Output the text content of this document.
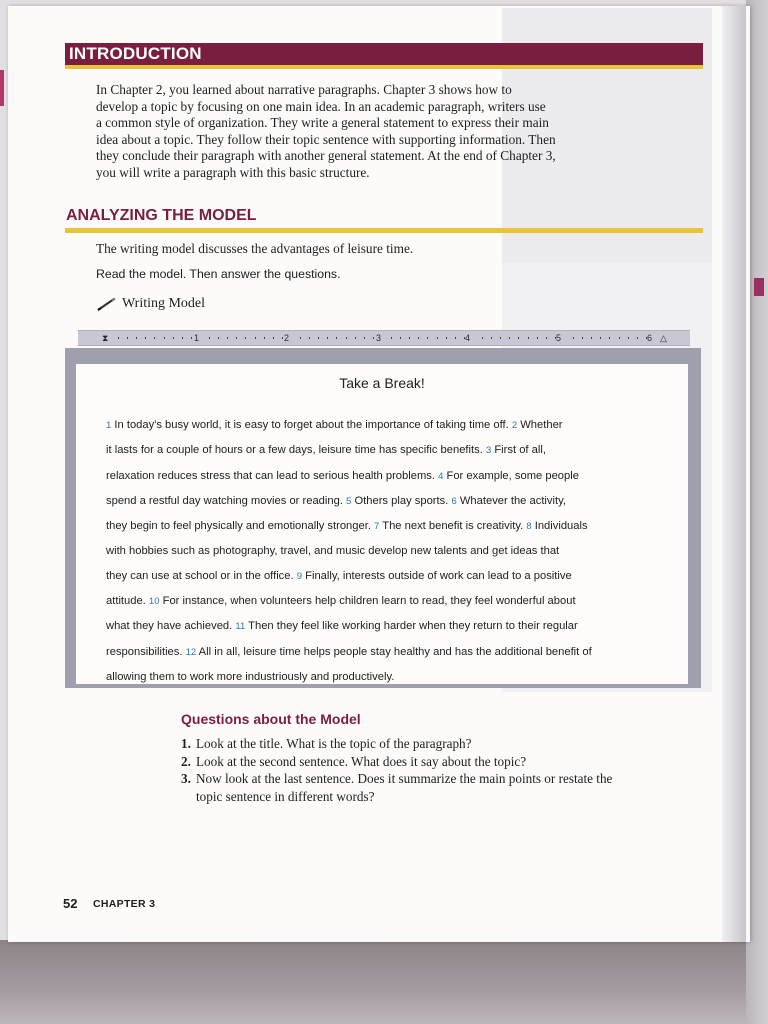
INTRODUCTION
In Chapter 2, you learned about narrative paragraphs. Chapter 3 shows how to
develop a topic by focusing on one main idea. In an academic paragraph, writers use
a common style of organization. They write a general statement to express their main
idea about a topic. They follow their topic sentence with supporting information. Then
they conclude their paragraph with another general statement. At the end of Chapter 3,
you will write a paragraph with this basic structure.
ANALYZING THE MODEL
The writing model discusses the advantages of leisure time.
Read the model. Then answer the questions.
Writing Model
⧗	1	2	3	4	5	6 △
Take a Break!
1 In today's busy world, it is easy to forget about the importance of taking time off. 2 Whether
it lasts for a couple of hours or a few days, leisure time has specific benefits. 3 First of all,
relaxation reduces stress that can lead to serious health problems. 4 For example, some people
spend a restful day watching movies or reading. 5 Others play sports. 6 Whatever the activity,
they begin to feel physically and emotionally stronger. 7 The next benefit is creativity. 8 Individuals
with hobbies such as photography, travel, and music develop new talents and get ideas that
they can use at school or in the office. 9 Finally, interests outside of work can lead to a positive
attitude. 10 For instance, when volunteers help children learn to read, they feel wonderful about
what they have achieved. 11 Then they feel like working harder when they return to their regular
responsibilities. 12 All in all, leisure time helps people stay healthy and has the additional benefit of
allowing them to work more industriously and productively.
Questions about the Model
1. Look at the title. What is the topic of the paragraph?
2. Look at the second sentence. What does it say about the topic?
3. Now look at the last sentence. Does it summarize the main points or restate the
topic sentence in different words?
52 CHAPTER 3
